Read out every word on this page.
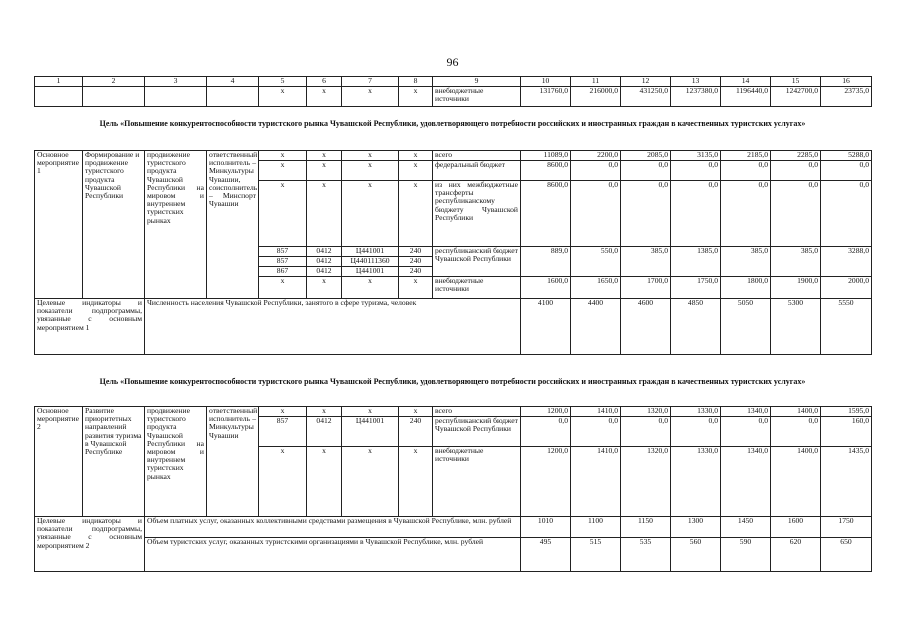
96
1	2	3	4	5	6	7	8	9	10	11	12	13	14	15	16
				x	x	x	x	внебюджетные источники	131760,0	216000,0	431250,0	1237380,0	1196440,0	1242700,0	23735,0
Цель «Повышение конкурентоспособности туристского рынка Чувашской Республики, удовлетворяющего потребности российских и иностранных граждан в качественных туристских услугах»
Основное мероприятие 1	Формирование и продвижение туристского продукта Чувашской Республики	продвижение туристского продукта Чувашской Республики на мировом и внутреннем туристских рынках	ответственный исполнитель – Минкультуры Чувашии, соисполнитель – Минспорт Чувашии	x	x	x	x	всего	11089,0	2200,0	2085,0	3135,0	2185,0	2285,0	5288,0
				x	x	x	x	федеральный бюджет	8600,0	0,0	0,0	0,0	0,0	0,0	0,0
				x	x	x	x	из них межбюджетные трансферты республиканскому бюджету Чувашской Республики	8600,0	0,0	0,0	0,0	0,0	0,0	0,0
				857	0412	Ц441001	240	республиканский бюджет Чувашской Республики	889,0	550,0	385,0	1385,0	385,0	385,0	3288,0
				857	0412	Ц440111360	240								
				867	0412	Ц441001	240								
				x	x	x	x	внебюджетные источники	1600,0	1650,0	1700,0	1750,0	1800,0	1900,0	2000,0
Целевые индикаторы и показатели подпрограммы, увязанные с основным мероприятием 1		Численность населения Чувашской Республики, занятого в сфере туризма, человек							4100	4400	4600	4850	5050	5300	5550
Цель «Повышение конкурентоспособности туристского рынка Чувашской Республики, удовлетворяющего потребности российских и иностранных граждан в качественных туристских услугах»
Основное мероприятие 2	Развитие приоритетных направлений развития туризма в Чувашской Республике	продвижение туристского продукта Чувашской Республики на мировом и внутреннем туристских рынках	ответственный исполнитель – Минкультуры Чувашии	x	x	x	x	всего	1200,0	1410,0	1320,0	1330,0	1340,0	1400,0	1595,0
				857	0412	Ц441001	240	республиканский бюджет Чувашской Республики	0,0	0,0	0,0	0,0	0,0	0,0	160,0
				x	x	x	x	внебюджетные источники	1200,0	1410,0	1320,0	1330,0	1340,0	1400,0	1435,0
Целевые индикаторы и показатели подпрограммы, увязанные с основным мероприятием 2		Объем платных услуг, оказанных коллективными средствами размещения в Чувашской Республике, млн. рублей							1010	1100	1150	1300	1450	1600	1750
		Объем туристских услуг, оказанных туристскими организациями в Чувашской Республике, млн. рублей							495	515	535	560	590	620	650
